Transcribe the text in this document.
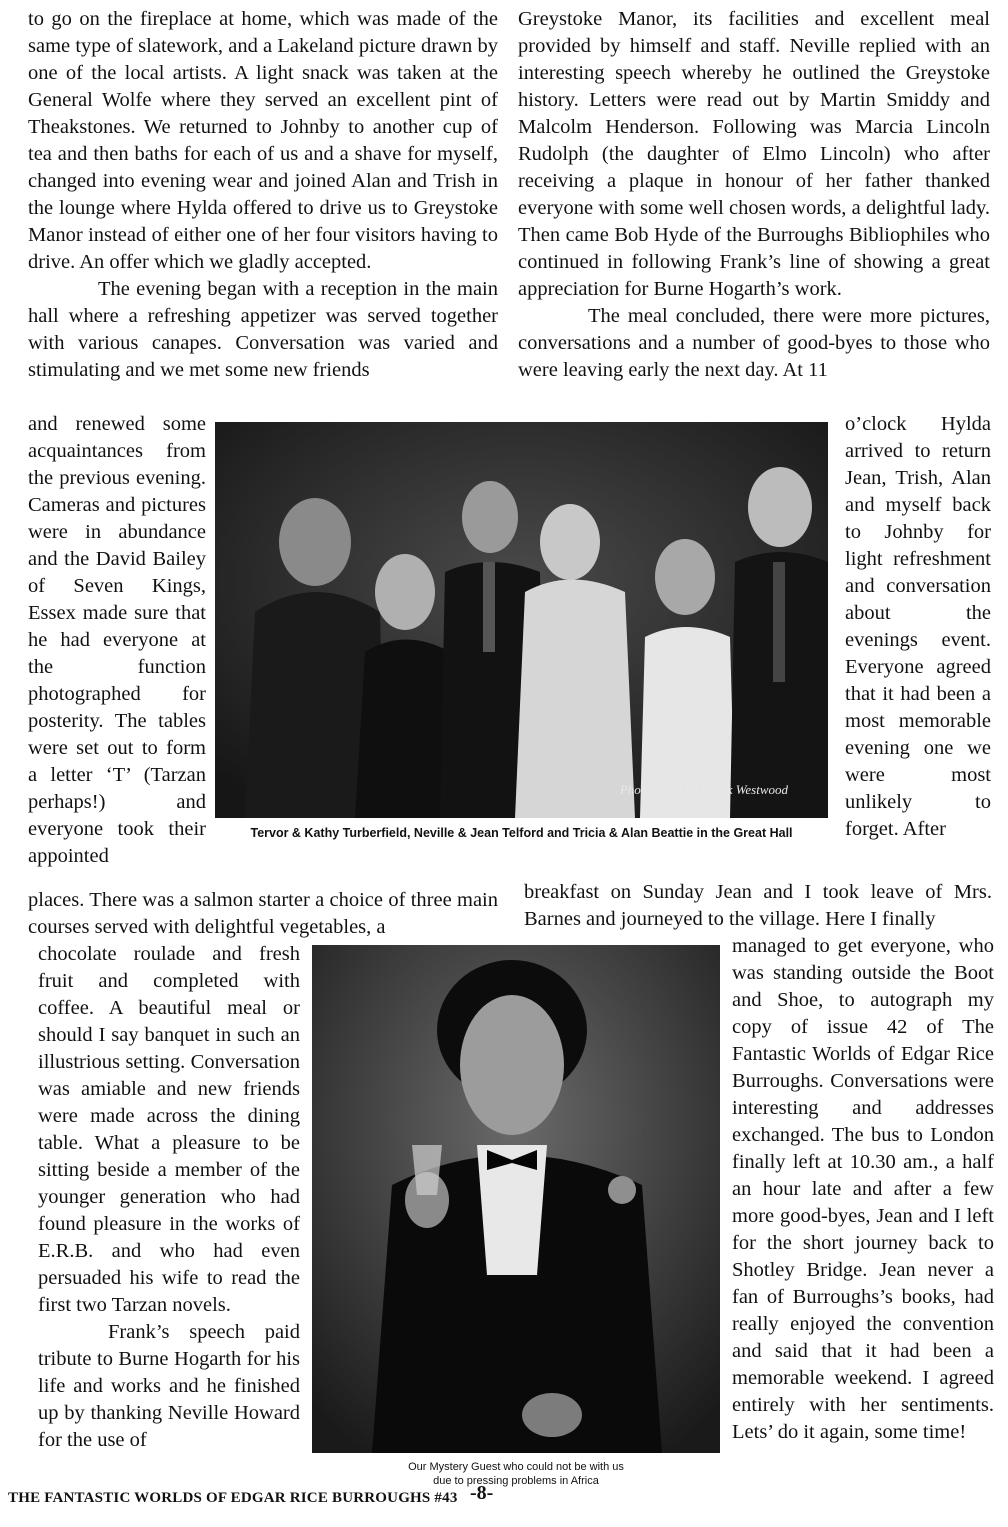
to go on the fireplace at home, which was made of the same type of slatework, and a Lakeland picture drawn by one of the local artists. A light snack was taken at the General Wolfe where they served an excellent pint of Theakstones. We returned to Johnby to another cup of tea and then baths for each of us and a shave for myself, changed into evening wear and joined Alan and Trish in the lounge where Hylda offered to drive us to Greystoke Manor instead of either one of her four visitors having to drive. An offer which we gladly accepted.

The evening began with a reception in the main hall where a refreshing appetizer was served together with various canapes. Conversation was varied and stimulating and we met some new friends

and renewed some acquaintances from the previous evening. Cameras and pictures were in abundance and the David Bailey of Seven Kings, Essex made sure that he had everyone at the function photographed for posterity. The tables were set out to form a letter ‘T’ (Tarzan perhaps!) and everyone took their appointed

places. There was a salmon starter a choice of three main courses served with delightful vegetables, a

chocolate roulade and fresh fruit and completed with coffee. A beautiful meal or should I say banquet in such an illustrious setting. Conversation was amiable and new friends were made across the dining table. What a pleasure to be sitting beside a member of the younger generation who had found pleasure in the works of E.R.B. and who had even persuaded his wife to read the first two Tarzan novels.

Frank’s speech paid tribute to Burne Hogarth for his life and works and he finished up by thanking Neville Howard for the use of

Greystoke Manor, its facilities and excellent meal provided by himself and staff. Neville replied with an interesting speech whereby he outlined the Greystoke history. Letters were read out by Martin Smiddy and Malcolm Henderson. Following was Marcia Lincoln Rudolph (the daughter of Elmo Lincoln) who after receiving a plaque in honour of her father thanked everyone with some well chosen words, a delightful lady. Then came Bob Hyde of the Burroughs Bibliophiles who continued in following Frank’s line of showing a great appreciation for Burne Hogarth’s work.

The meal concluded, there were more pictures, conversations and a number of good-byes to those who were leaving early the next day. At 11

o’clock Hylda arrived to return Jean, Trish, Alan and myself back to Johnby for light refreshment and conversation about the evenings event. Everyone agreed that it had been a most memorable evening one we were most unlikely to forget. After

breakfast on Sunday Jean and I took leave of Mrs. Barnes and journeyed to the village. Here I finally

managed to get everyone, who was standing outside the Boot and Shoe, to autograph my copy of issue 42 of The Fantastic Worlds of Edgar Rice Burroughs. Conversations were interesting and addresses exchanged. The bus to London finally left at 10.30 am., a half an hour late and after a few more good-byes, Jean and I left for the short journey back to Shotley Bridge. Jean never a fan of Burroughs’s books, had really enjoyed the convention and said that it had been a memorable weekend. I agreed entirely with her sentiments. Lets’ do it again, some time!

Photograph by Frank Westwood
Tervor & Kathy Turberfield, Neville & Jean Telford and Tricia & Alan Beattie in the Great Hall
Our Mystery Guest who could not be with us
due to pressing problems in Africa
THE FANTASTIC WORLDS OF EDGAR RICE BURROUGHS #43 -8-
